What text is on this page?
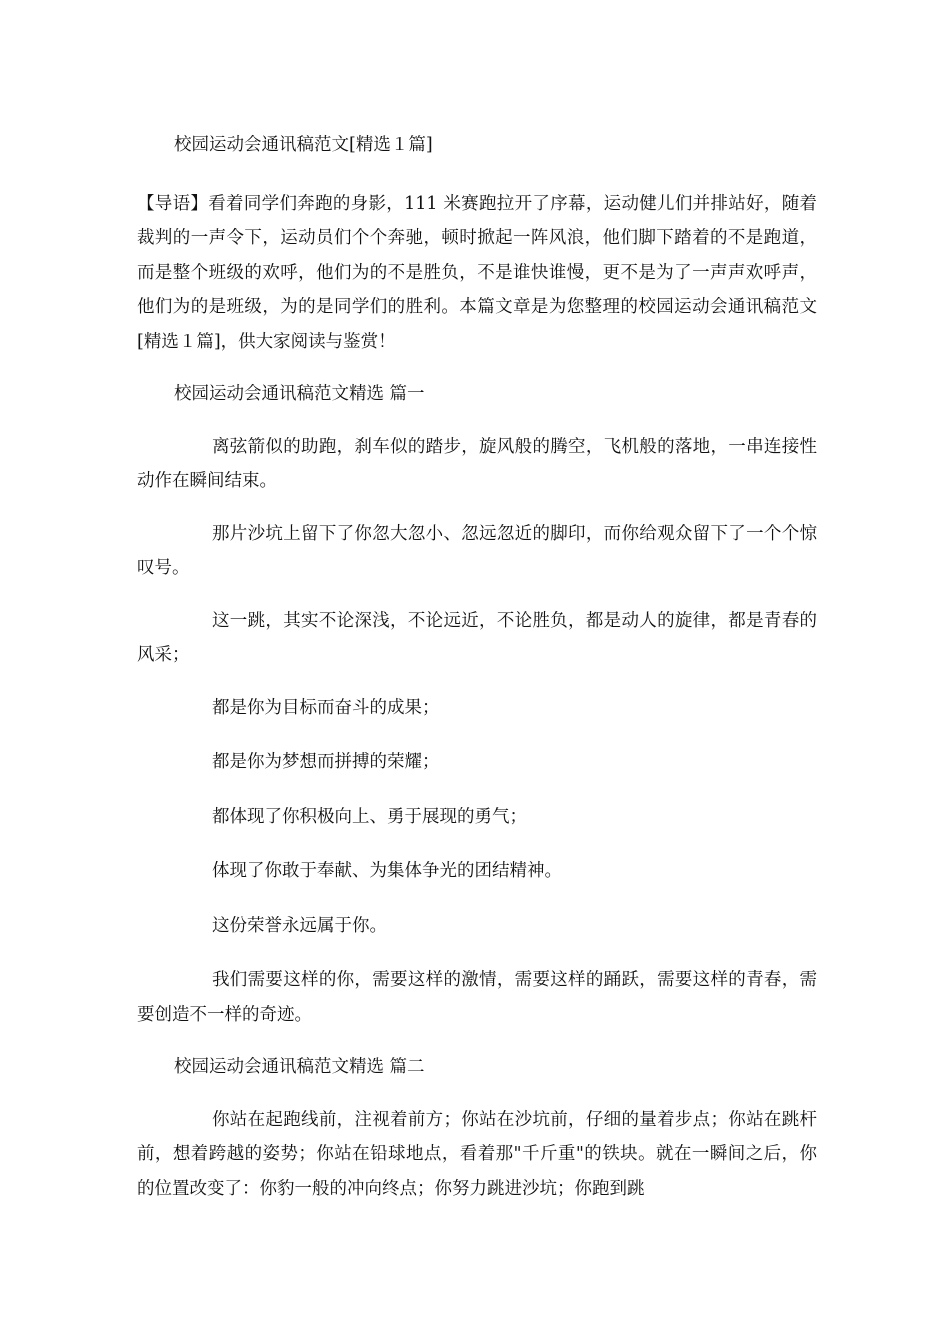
校园运动会通讯稿范文[精选１篇]

【导语】看着同学们奔跑的身影，111 米赛跑拉开了序幕，运动健儿们并排站好，随着裁判的一声令下，运动员们个个奔驰，顿时掀起一阵风浪，他们脚下踏着的不是跑道，而是整个班级的欢呼，他们为的不是胜负，不是谁快谁慢，更不是为了一声声欢呼声，他们为的是班级，为的是同学们的胜利。本篇文章是为您整理的校园运动会通讯稿范文[精选１篇]，供大家阅读与鉴赏！

校园运动会通讯稿范文精选 篇一

离弦箭似的助跑，刹车似的踏步，旋风般的腾空，飞机般的落地，一串连接性动作在瞬间结束。

那片沙坑上留下了你忽大忽小、忽远忽近的脚印，而你给观众留下了一个个惊叹号。

这一跳，其实不论深浅，不论远近，不论胜负，都是动人的旋律，都是青春的风采；

都是你为目标而奋斗的成果；

都是你为梦想而拼搏的荣耀；

都体现了你积极向上、勇于展现的勇气；

体现了你敢于奉献、为集体争光的团结精神。

这份荣誉永远属于你。

我们需要这样的你，需要这样的激情，需要这样的踊跃，需要这样的青春，需要创造不一样的奇迹。

校园运动会通讯稿范文精选 篇二

你站在起跑线前，注视着前方；你站在沙坑前，仔细的量着步点；你站在跳杆前，想着跨越的姿势；你站在铅球地点，看着那"千斤重"的铁块。就在一瞬间之后，你的位置改变了：你豹一般的冲向终点；你努力跳进沙坑；你跑到跳
